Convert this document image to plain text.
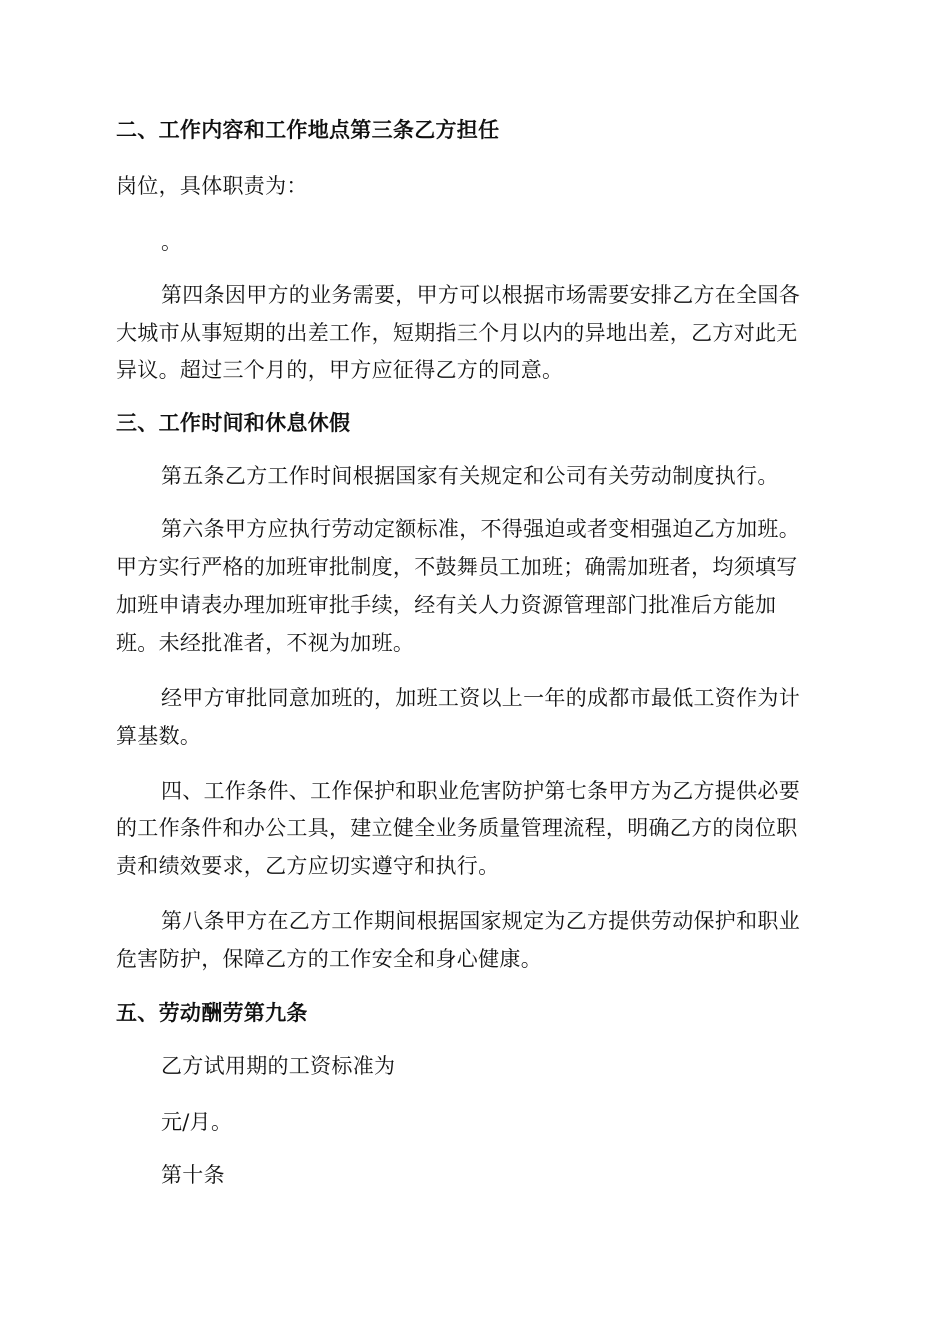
二、工作内容和工作地点第三条乙方担任
岗位，具体职责为：
。
第四条因甲方的业务需要，甲方可以根据市场需要安排乙方在全国各
大城市从事短期的出差工作，短期指三个月以内的异地出差，乙方对此无
异议。超过三个月的，甲方应征得乙方的同意。
三、工作时间和休息休假
第五条乙方工作时间根据国家有关规定和公司有关劳动制度执行。
第六条甲方应执行劳动定额标准，不得强迫或者变相强迫乙方加班。
甲方实行严格的加班审批制度，不鼓舞员工加班；确需加班者，均须填写
加班申请表办理加班审批手续，经有关人力资源管理部门批准后方能加
班。未经批准者，不视为加班。
经甲方审批同意加班的，加班工资以上一年的成都市最低工资作为计
算基数。
四、工作条件、工作保护和职业危害防护第七条甲方为乙方提供必要
的工作条件和办公工具，建立健全业务质量管理流程，明确乙方的岗位职
责和绩效要求，乙方应切实遵守和执行。
第八条甲方在乙方工作期间根据国家规定为乙方提供劳动保护和职业
危害防护，保障乙方的工作安全和身心健康。
五、劳动酬劳第九条
乙方试用期的工资标准为
元/月。
第十条
